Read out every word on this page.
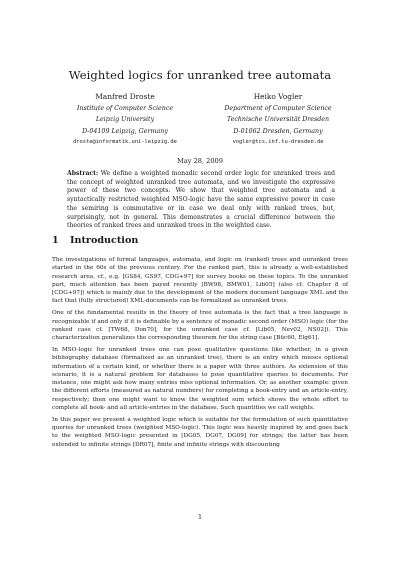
Weighted logics for unranked tree automata
Manfred Droste
Institute of Computer Science
Leipzig University
D-04109 Leipzig, Germany
droste@informatik.uni-leipzig.de
Heiko Vogler
Department of Computer Science
Technische Universität Dresden
D-01062 Dresden, Germany
vogler@tcs.inf.tu-dresden.de
May 28, 2009
Abstract: We define a weighted monadic second order logic for unranked trees and the concept of weighted unranked tree automata, and we investigate the expressive power of these two concepts. We show that weighted tree automata and a syntactically restricted weighted MSO-logic have the same expressive power in case the semiring is commutative or in case we deal only with ranked trees, but, surprisingly, not in general. This demonstrates a crucial difference between the theories of ranked trees and unranked trees in the weighted case.
1 Introduction

The investigations of formal languages, automata, and logic on (ranked) trees and unranked trees started in the 60s of the previous century. For the ranked part, this is already a well-established research area, cf., e.g. [GS84, GS97, CDG+97] for survey books on these topics. To the unranked part, much attention has been payed recently [BW98, BMW01, Lib05] (also cf. Chapter 8 of [CDG+97]) which is mainly due to the development of the modern document language XML and the fact that (fully structured) XML-documents can be formalized as unranked trees.

One of the fundamental results in the theory of tree automata is the fact that a tree language is recognizable if and only if it is definable by a sentence of monadic second order (MSO) logic (for the ranked case cf. [TW68, Don70], for the unranked case cf. [Lib05, Nev02, NS02]). This characterization generalizes the corresponding theorem for the string case [Büc60, Elg61].

In MSO-logic for unranked trees one can pose qualitative questions like whether, in a given bibliography database (formalized as an unranked tree), there is an entry which misses optional information of a certain kind, or whether there is a paper with three authors. As extension of this scenario, it is a natural problem for databases to pose quantitative queries to documents. For instance, one might ask how many entries miss optional information. Or, as another example: given the different efforts (measured as natural numbers) for completing a book-entry and an article-entry, respectively; then one might want to know the weighted sum which shows the whole effort to complete all book- and all article-entries in the database. Such quantities we call weights.

In this paper we present a weighted logic which is suitable for the formulation of such quantitative queries for unranked trees (weighted MSO-logic). This logic was heavily inspired by and goes back to the weighted MSO-logic presented in [DG05, DG07, DG09] for strings; the latter has been extended to infinite strings [DR07], finite and infinite strings with discounting

1
